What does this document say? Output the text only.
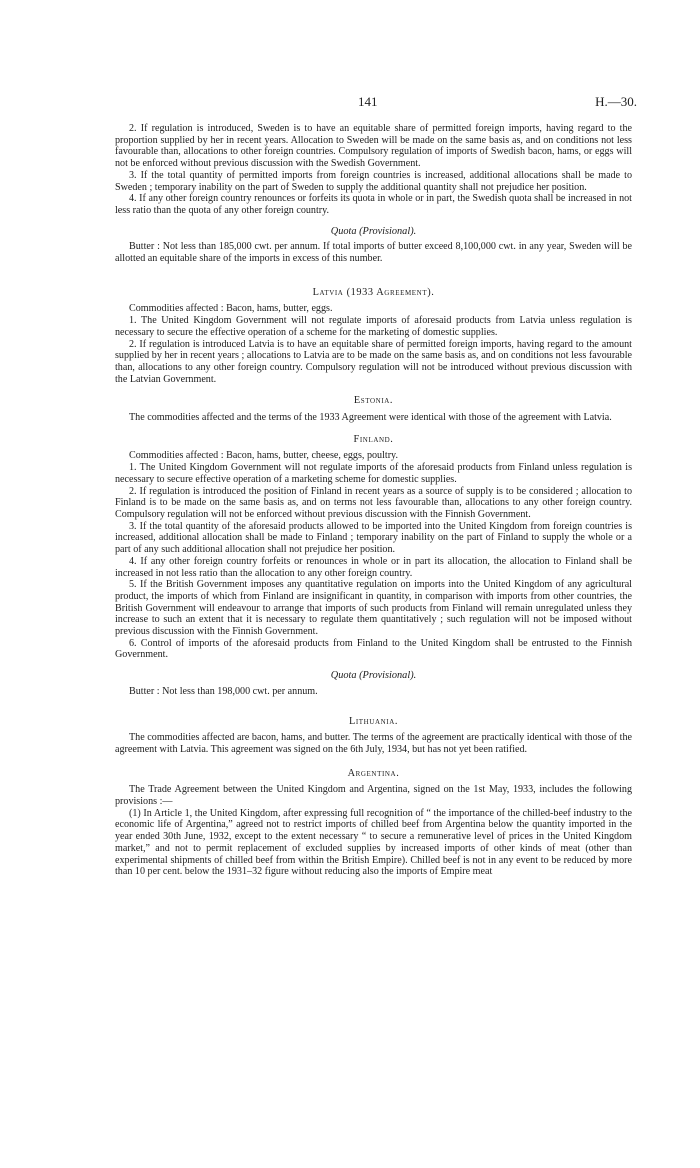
141	H.—30.

2. If regulation is introduced, Sweden is to have an equitable share of permitted foreign imports, having regard to the proportion supplied by her in recent years. Allocation to Sweden will be made on the same basis as, and on conditions not less favourable than, allocations to other foreign countries. Compulsory regulation of imports of Swedish bacon, hams, or eggs will not be enforced without previous discussion with the Swedish Government.

3. If the total quantity of permitted imports from foreign countries is increased, additional allocations shall be made to Sweden ; temporary inability on the part of Sweden to supply the additional quantity shall not prejudice her position.

4. If any other foreign country renounces or forfeits its quota in whole or in part, the Swedish quota shall be increased in not less ratio than the quota of any other foreign country.

Quota (Provisional).

Butter : Not less than 185,000 cwt. per annum. If total imports of butter exceed 8,100,000 cwt. in any year, Sweden will be allotted an equitable share of the imports in excess of this number.

Latvia (1933 Agreement).

Commodities affected : Bacon, hams, butter, eggs.

1. The United Kingdom Government will not regulate imports of aforesaid products from Latvia unless regulation is necessary to secure the effective operation of a scheme for the marketing of domestic supplies.

2. If regulation is introduced Latvia is to have an equitable share of permitted foreign imports, having regard to the amount supplied by her in recent years ; allocations to Latvia are to be made on the same basis as, and on conditions not less favourable than, allocations to any other foreign country. Compulsory regulation will not be introduced without previous discussion with the Latvian Government.

Estonia.

The commodities affected and the terms of the 1933 Agreement were identical with those of the agreement with Latvia.

Finland.

Commodities affected : Bacon, hams, butter, cheese, eggs, poultry.

1. The United Kingdom Government will not regulate imports of the aforesaid products from Finland unless regulation is necessary to secure effective operation of a marketing scheme for domestic supplies.

2. If regulation is introduced the position of Finland in recent years as a source of supply is to be considered ; allocation to Finland is to be made on the same basis as, and on terms not less favourable than, allocations to any other foreign country. Compulsory regulation will not be enforced without previous discussion with the Finnish Government.

3. If the total quantity of the aforesaid products allowed to be imported into the United Kingdom from foreign countries is increased, additional allocation shall be made to Finland ; temporary inability on the part of Finland to supply the whole or a part of any such additional allocation shall not prejudice her position.

4. If any other foreign country forfeits or renounces in whole or in part its allocation, the allocation to Finland shall be increased in not less ratio than the allocation to any other foreign country.

5. If the British Government imposes any quantitative regulation on imports into the United Kingdom of any agricultural product, the imports of which from Finland are insignificant in quantity, in comparison with imports from other countries, the British Government will endeavour to arrange that imports of such products from Finland will remain unregulated unless they increase to such an extent that it is necessary to regulate them quantitatively ; such regulation will not be imposed without previous discussion with the Finnish Government.

6. Control of imports of the aforesaid products from Finland to the United Kingdom shall be entrusted to the Finnish Government.

Quota (Provisional).

Butter : Not less than 198,000 cwt. per annum.

Lithuania.

The commodities affected are bacon, hams, and butter. The terms of the agreement are practically identical with those of the agreement with Latvia. This agreement was signed on the 6th July, 1934, but has not yet been ratified.

Argentina.

The Trade Agreement between the United Kingdom and Argentina, signed on the 1st May, 1933, includes the following provisions :—

(1) In Article 1, the United Kingdom, after expressing full recognition of “ the importance of the chilled-beef industry to the economic life of Argentina,” agreed not to restrict imports of chilled beef from Argentina below the quantity imported in the year ended 30th June, 1932, except to the extent necessary “ to secure a remunerative level of prices in the United Kingdom market,” and not to permit replacement of excluded supplies by increased imports of other kinds of meat (other than experimental shipments of chilled beef from within the British Empire). Chilled beef is not in any event to be reduced by more than 10 per cent. below the 1931–32 figure without reducing also the imports of Empire meat
